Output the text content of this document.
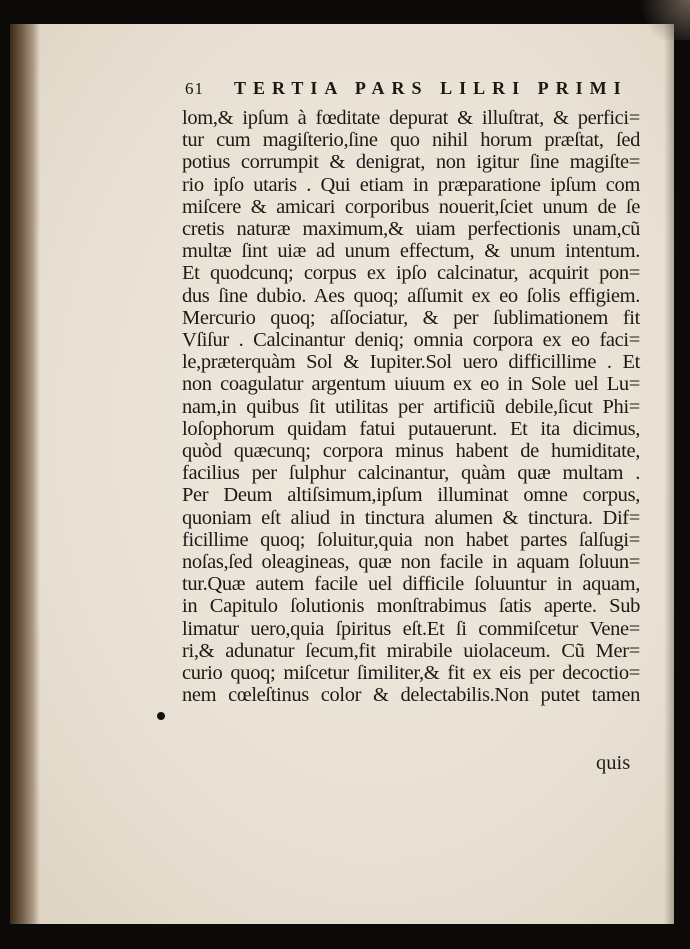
61 TERTIA PARS LILRI PRIMI
lom,& ipſum à fœditate depurat & illuſtrat, & perfici=
tur cum magiſterio,ſine quo nihil horum præſtat, ſed
potius corrumpit & denigrat, non igitur ſine magiſte=
rio ipſo utaris . Qui etiam in præparatione ipſum com
miſcere & amicari corporibus nouerit,ſciet unum de ſe
cretis naturæ maximum,& uiam perfectionis unam,cũ
multæ ſint uiæ ad unum effectum, & unum intentum.
Et quodcunq; corpus ex ipſo calcinatur, acquirit pon=
dus ſine dubio. Aes quoq; aſſumit ex eo ſolis effigiem.
Mercurio quoq; aſſociatur, & per ſublimationem fit
Vſiſur . Calcinantur deniq; omnia corpora ex eo faci=
le,præterquàm Sol & Iupiter.Sol uero difficillime . Et
non coagulatur argentum uiuum ex eo in Sole uel Lu=
nam,in quibus ſit utilitas per artificiũ debile,ſicut Phi=
loſophorum quidam fatui putauerunt. Et ita dicimus,
quòd quæcunq; corpora minus habent de humiditate,
facilius per ſulphur calcinantur, quàm quæ multam .
Per Deum altiſsimum,ipſum illuminat omne corpus,
quoniam eſt aliud in tinctura alumen & tinctura. Dif=
ficillime quoq; ſoluitur,quia non habet partes ſalſugi=
noſas,ſed oleagineas, quæ non facile in aquam ſoluun=
tur.Quæ autem facile uel difficile ſoluuntur in aquam,
in Capitulo ſolutionis monſtrabimus ſatis aperte. Sub
limatur uero,quia ſpiritus eſt.Et ſi commiſcetur Vene=
ri,& adunatur ſecum,fit mirabile uiolaceum. Cũ Mer=
curio quoq; miſcetur ſimiliter,& fit ex eis per decoctio=
nem cœleſtinus color & delectabilis.Non putet tamen
quis
